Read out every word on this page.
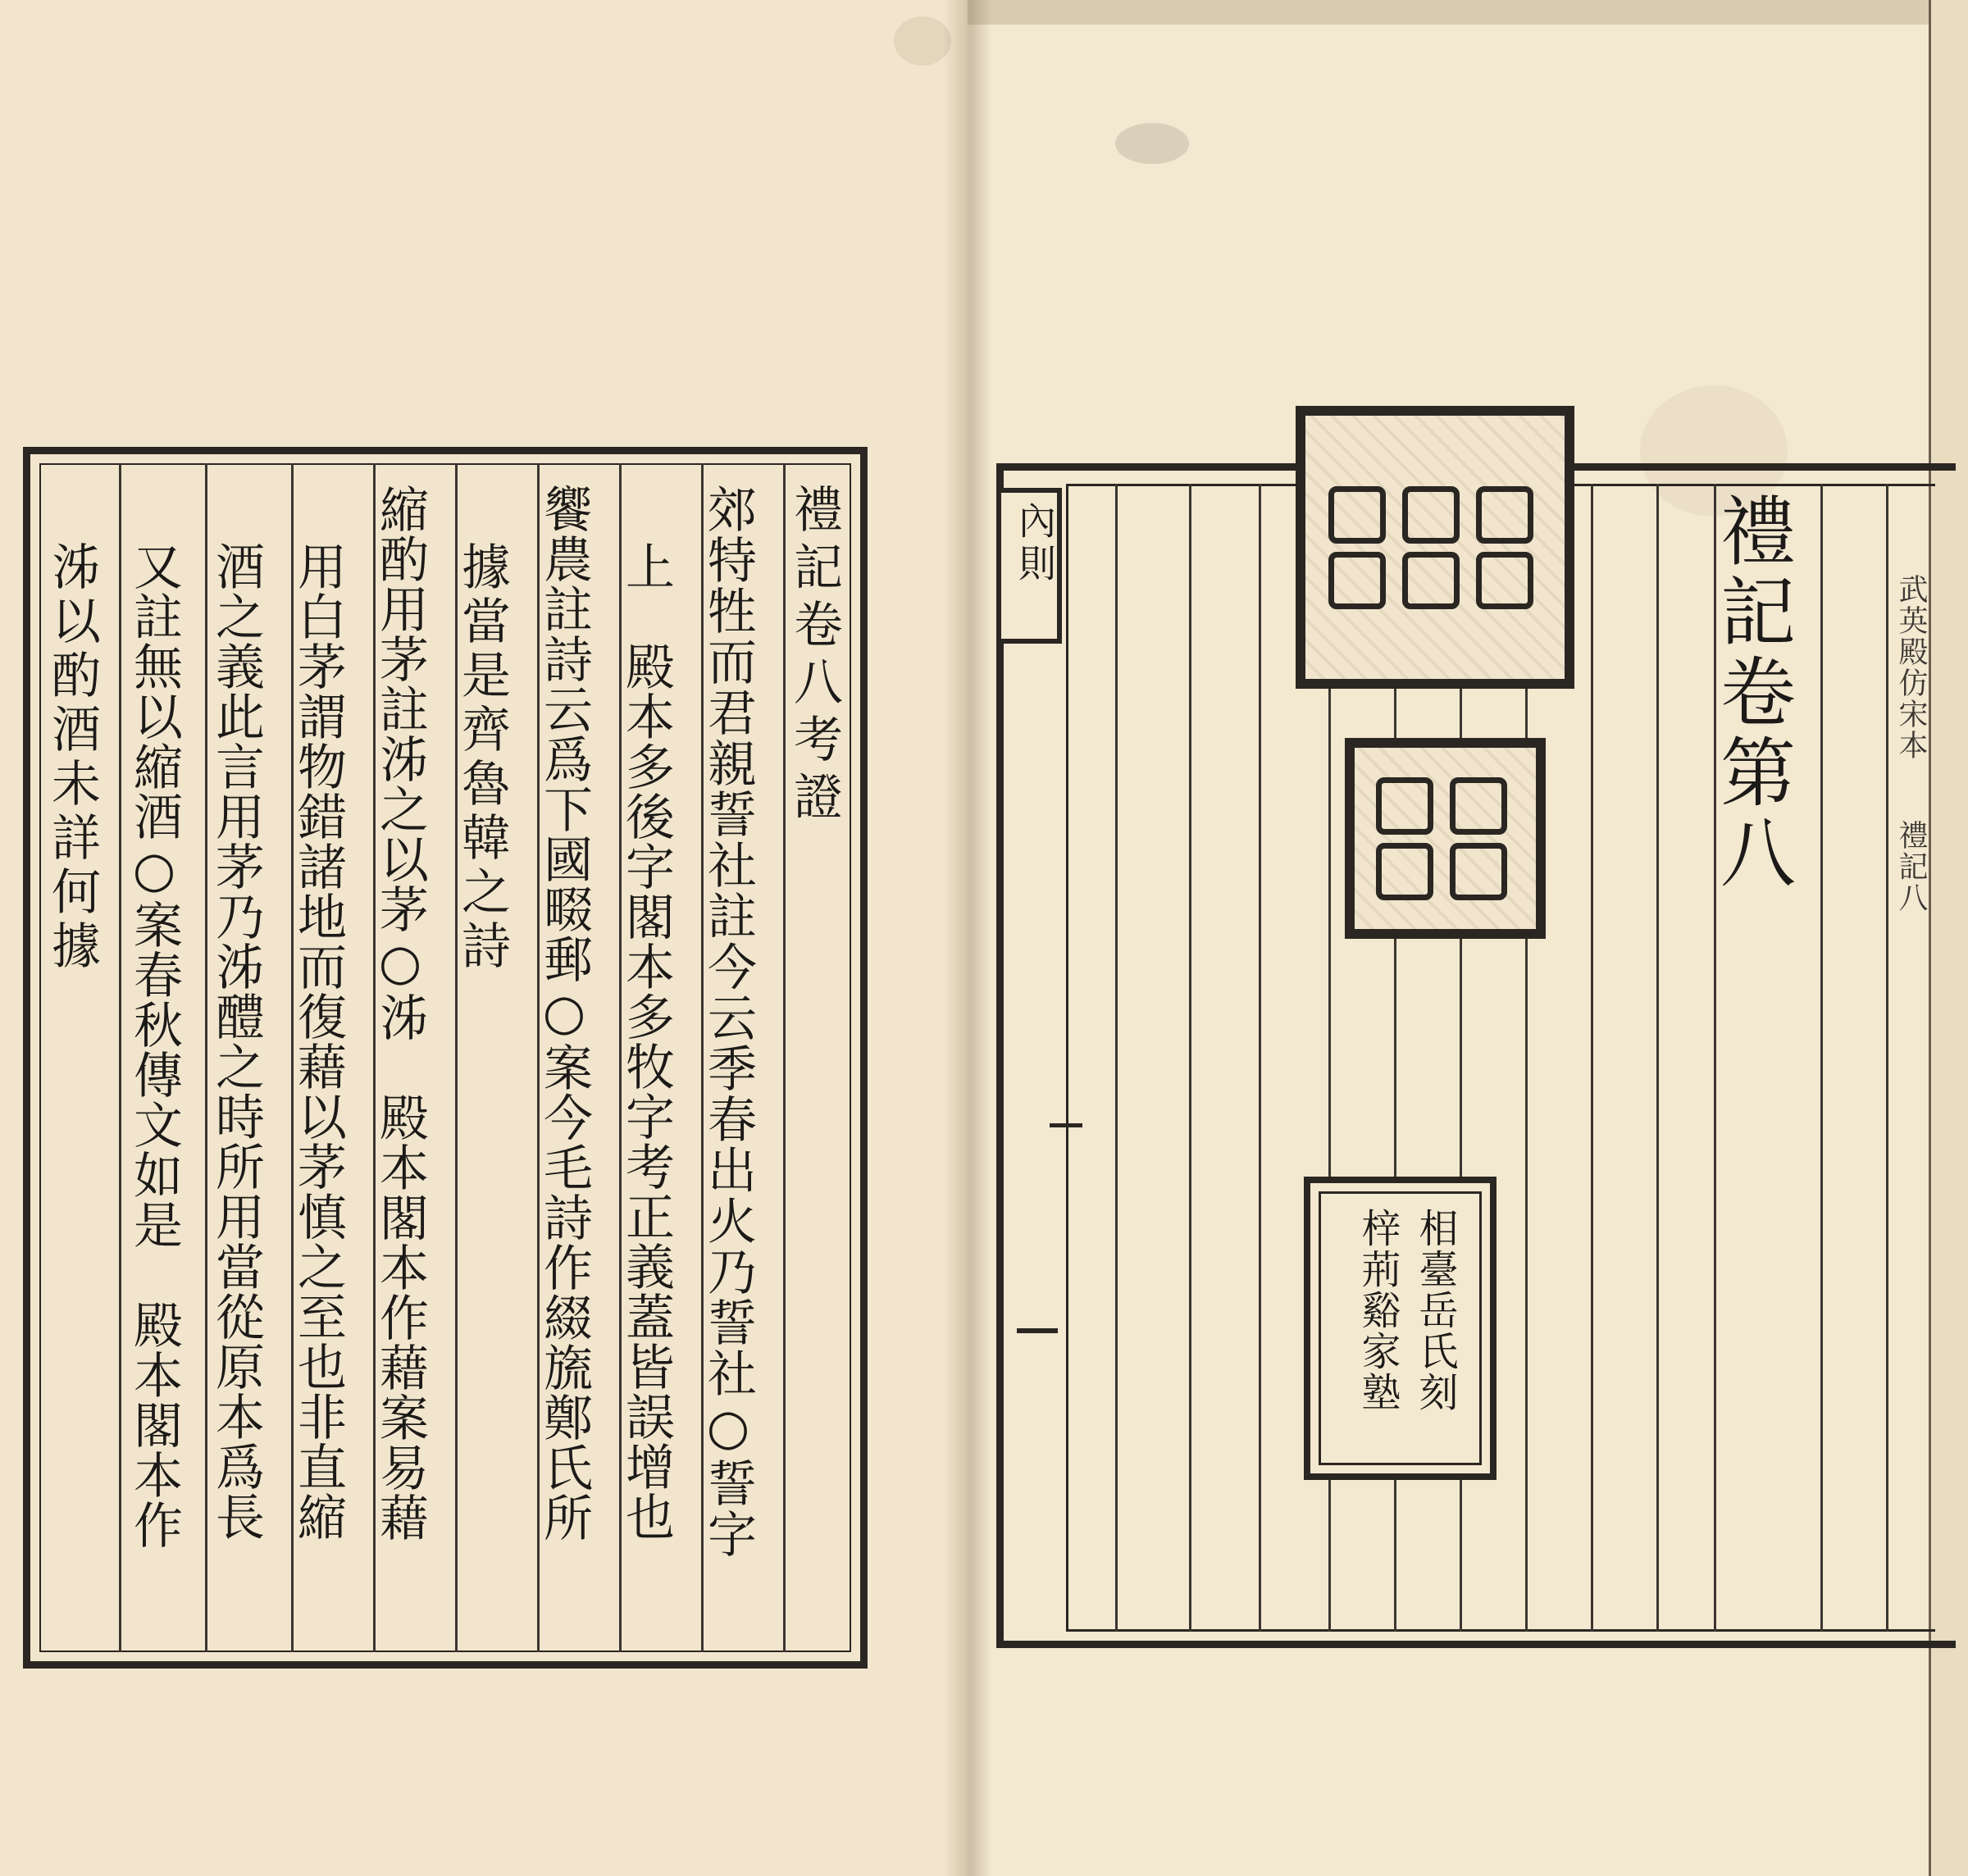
禮記卷八考證
郊特牲而君親誓社註今云季春出火乃誓社○誓字
上　殿本多後字閣本多牧字考正義蓋皆誤增也
饗農註詩云爲下國畷郵○案今毛詩作綴旒鄭氏所
據當是齊魯韓之詩
縮酌用茅註泲之以茅○泲　殿本閣本作藉案易藉
用白茅謂物錯諸地而復藉以茅慎之至也非直縮
酒之義此言用茅乃泲醴之時所用當從原本爲長
又註無以縮酒○案春秋傳文如是　殿本閣本作
泲以酌酒未詳何據	內則	禮記卷第八
相臺岳氏刻
梓荊谿家塾
武英殿仿宋本
禮記八
